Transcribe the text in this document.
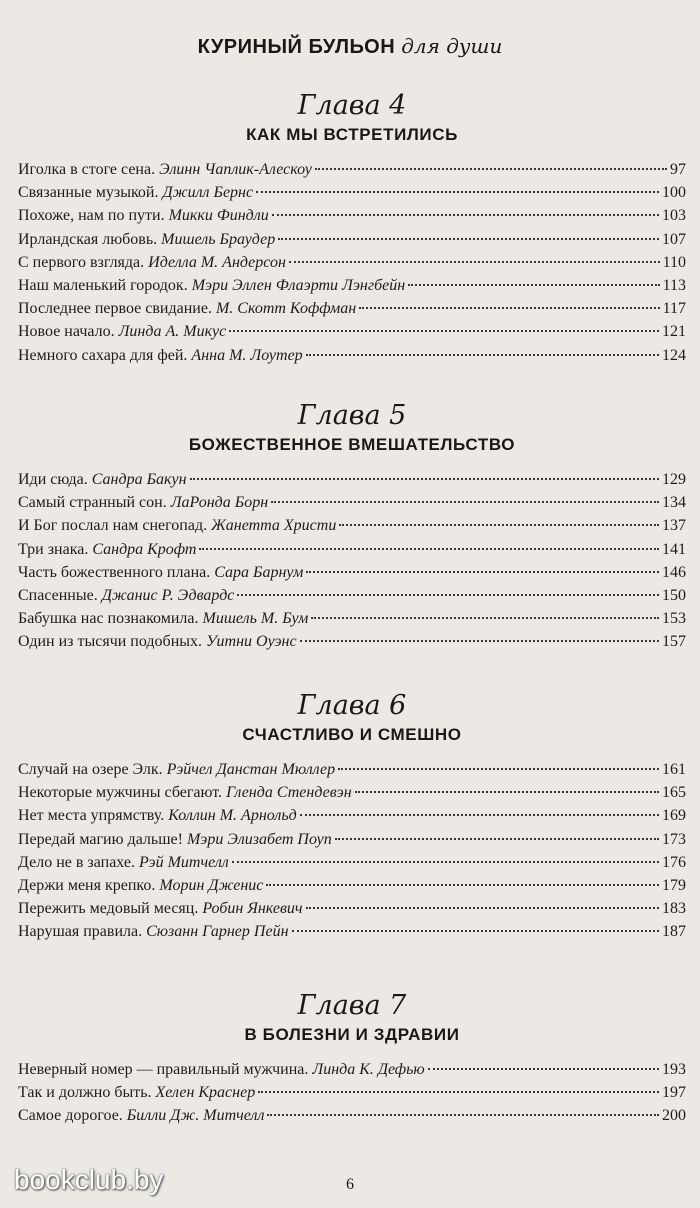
КУРИНЫЙ БУЛЬОН для души
Глава 4
КАК МЫ ВСТРЕТИЛИСЬ
Иголка в стоге сена. Элинн Чаплик-Алескоу	97
Связанные музыкой. Джилл Бернс	100
Похоже, нам по пути. Микки Финдли	103
Ирландская любовь. Мишель Браудер	107
С первого взгляда. Иделла М. Андерсон	110
Наш маленький городок. Мэри Эллен Флаэрти Лэнгбейн	113
Последнее первое свидание. М. Скотт Коффман	117
Новое начало. Линда А. Микус	121
Немного сахара для фей. Анна М. Лоутер	124
Глава 5
БОЖЕСТВЕННОЕ ВМЕШАТЕЛЬСТВО
Иди сюда. Сандра Бакун	129
Самый странный сон. ЛаРонда Борн	134
И Бог послал нам снегопад. Жанетта Христи	137
Три знака. Сандра Крофт	141
Часть божественного плана. Сара Барнум	146
Спасенные. Джанис Р. Эдвардс	150
Бабушка нас познакомила. Мишель М. Бум	153
Один из тысячи подобных. Уитни Оуэнс	157
Глава 6
СЧАСТЛИВО И СМЕШНО
Случай на озере Элк. Рэйчел Данстан Мюллер	161
Некоторые мужчины сбегают. Гленда Стендевэн	165
Нет места упрямству. Коллин М. Арнольд	169
Передай магию дальше! Мэри Элизабет Поуп	173
Дело не в запахе. Рэй Митчелл	176
Держи меня крепко. Морин Дженис	179
Пережить медовый месяц. Робин Янкевич	183
Нарушая правила. Сюзанн Гарнер Пейн	187
Глава 7
В БОЛЕЗНИ И ЗДРАВИИ
Неверный номер — правильный мужчина. Линда К. Дефью	193
Так и должно быть. Хелен Краснер	197
Самое дорогое. Билли Дж. Митчелл	200
6
bookclub.by
